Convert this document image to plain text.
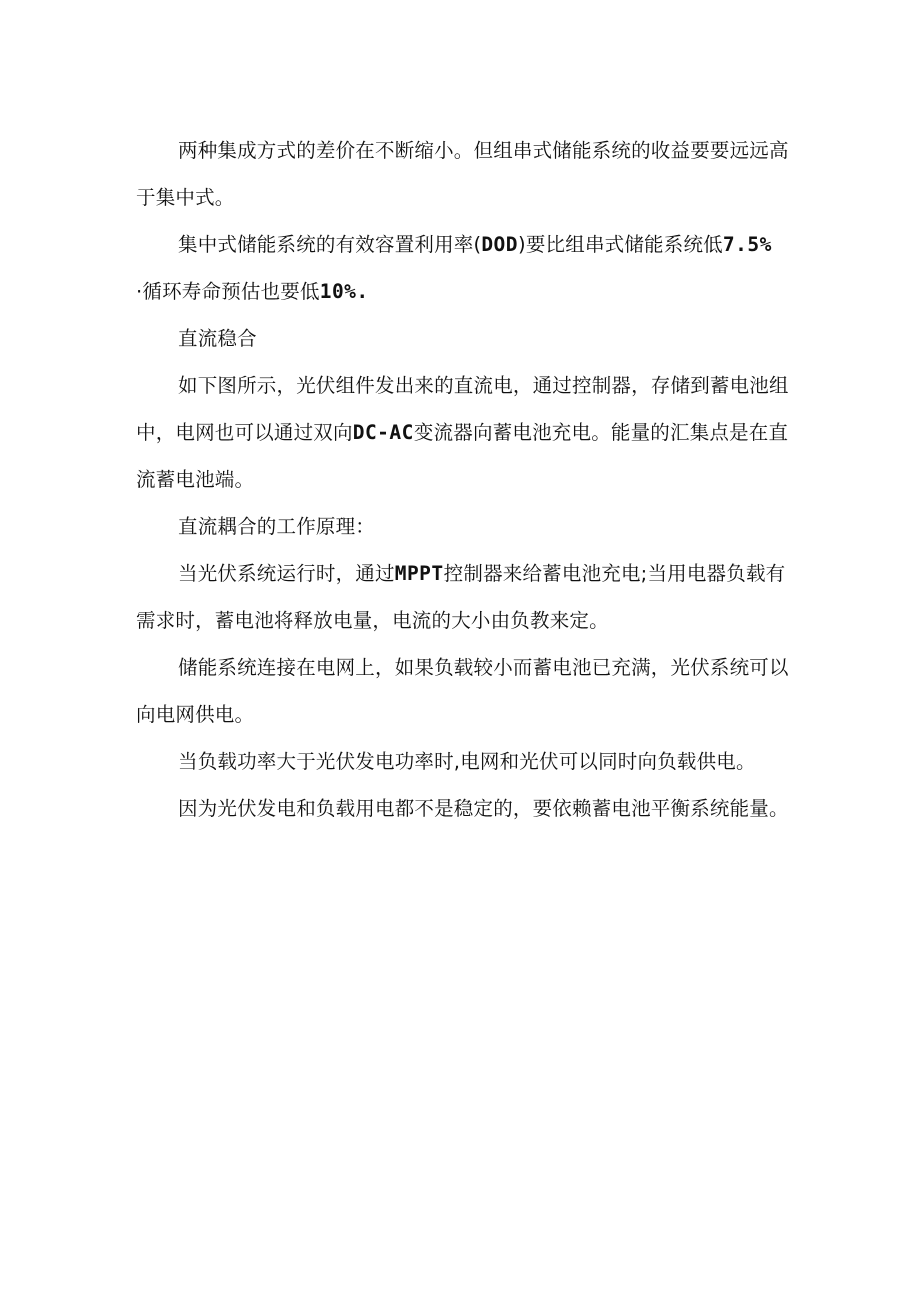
两种集成方式的差价在不断缩小。但组串式储能系统的收益要要远远高于集中式。

集中式储能系统的有效容置利用率(DOD)要比组串式储能系统低7.5%
·循环寿命预估也要低10%.

直流稳合

如下图所示，光伏组件发出来的直流电，通过控制器，存储到蓄电池组中，电网也可以通过双向DC-AC变流器向蓄电池充电。能量的汇集点是在直流蓄电池端。

直流耦合的工作原理：

当光伏系统运行时，通过MPPT控制器来给蓄电池充电;当用电器负载有需求时，蓄电池将释放电量，电流的大小由负教来定。

储能系统连接在电网上，如果负载较小而蓄电池已充满，光伏系统可以向电网供电。

当负载功率大于光伏发电功率时,电网和光伏可以同时向负载供电。

因为光伏发电和负载用电都不是稳定的，要依赖蓄电池平衡系统能量。
